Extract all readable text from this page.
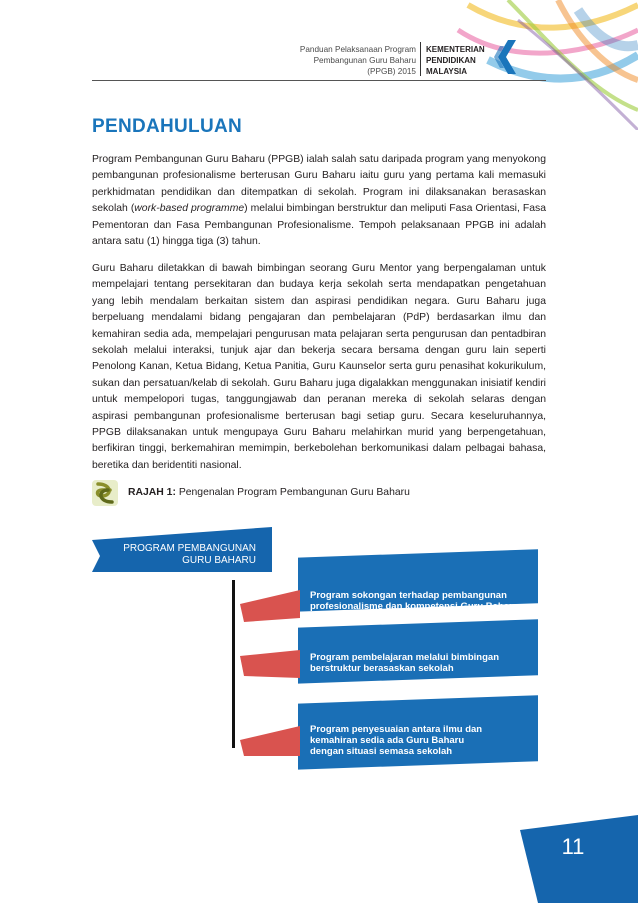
Panduan Pelaksanaan Program
Pembangunan Guru Baharu
(PPGB) 2015
KEMENTERIAN
PENDIDIKAN
MALAYSIA
PENDAHULUAN

Program Pembangunan Guru Baharu (PPGB) ialah salah satu daripada program yang menyokong pembangunan profesionalisme berterusan Guru Baharu iaitu guru yang pertama kali memasuki perkhidmatan pendidikan dan ditempatkan di sekolah. Program ini dilaksanakan berasaskan sekolah (work-based programme) melalui bimbingan berstruktur dan meliputi Fasa Orientasi, Fasa Pementoran dan Fasa Pembangunan Profesionalisme. Tempoh pelaksanaan PPGB ini adalah antara satu (1) hingga tiga (3) tahun.

Guru Baharu diletakkan di bawah bimbingan seorang Guru Mentor yang berpengalaman untuk mempelajari tentang persekitaran dan budaya kerja sekolah serta mendapatkan pengetahuan yang lebih mendalam berkaitan sistem dan aspirasi pendidikan negara. Guru Baharu juga berpeluang mendalami bidang pengajaran dan pembelajaran (PdP) berdasarkan ilmu dan kemahiran sedia ada, mempelajari pengurusan mata pelajaran serta pengurusan dan pentadbiran sekolah melalui interaksi, tunjuk ajar dan bekerja secara bersama dengan guru lain seperti Penolong Kanan, Ketua Bidang, Ketua Panitia, Guru Kaunselor serta guru penasihat kokurikulum, sukan dan persatuan/kelab di sekolah. Guru Baharu juga digalakkan menggunakan inisiatif kendiri untuk mempelopori tugas, tanggungjawab dan peranan mereka di sekolah selaras dengan aspirasi pembangunan profesionalisme berterusan bagi setiap guru. Secara keseluruhannya, PPGB dilaksanakan untuk mengupaya Guru Baharu melahirkan murid yang berpengetahuan, berfikiran tinggi, berkemahiran memimpin, berkebolehan berkomunikasi dalam pelbagai bahasa, beretika dan beridentiti nasional.

RAJAH 1: Pengenalan Program Pembangunan Guru Baharu
PROGRAM PEMBANGUNAN
GURU BAHARU
Program sokongan terhadap pembangunan
profesionalisme dan kompetensi Guru Baharu
Program pembelajaran melalui bimbingan
berstruktur berasaskan sekolah
Program penyesuaian antara ilmu dan
kemahiran sedia ada Guru Baharu
dengan situasi semasa sekolah
11
